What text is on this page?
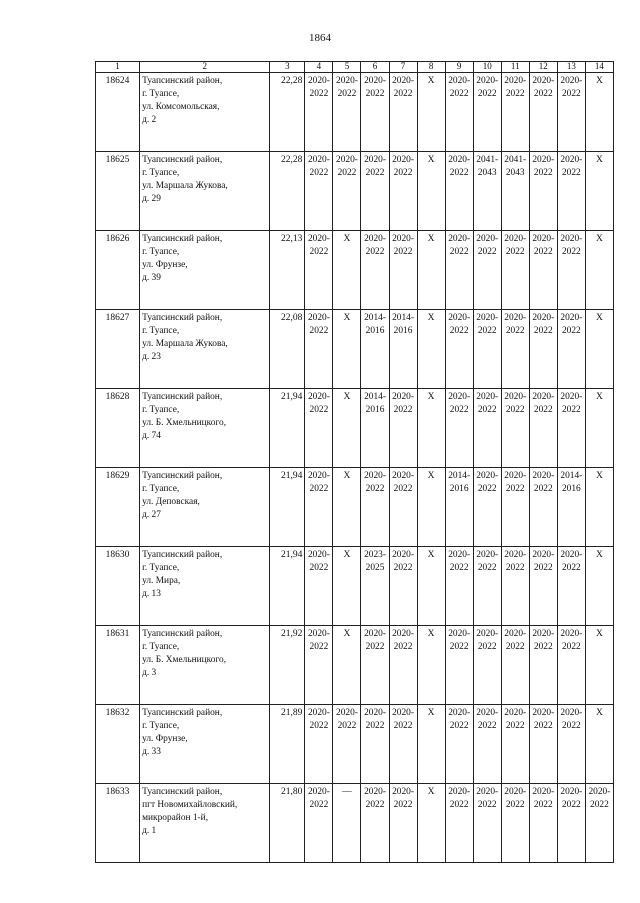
1864
1	2	3	4	5	6	7	8	9	10	11	12	13	14
18624	Туапсинский район,
г. Туапсе,
ул. Комсомольская,
д. 2	22,28	2020-
2022	2020-
2022	2020-
2022	2020-
2022	X	2020-
2022	2020-
2022	2020-
2022	2020-
2022	2020-
2022	X
18625	Туапсинский район,
г. Туапсе,
ул. Маршала Жукова,
д. 29	22,28	2020-
2022	2020-
2022	2020-
2022	2020-
2022	X	2020-
2022	2041-
2043	2041-
2043	2020-
2022	2020-
2022	X
18626	Туапсинский район,
г. Туапсе,
ул. Фрунзе,
д. 39	22,13	2020-
2022	X	2020-
2022	2020-
2022	X	2020-
2022	2020-
2022	2020-
2022	2020-
2022	2020-
2022	X
18627	Туапсинский район,
г. Туапсе,
ул. Маршала Жукова,
д. 23	22,08	2020-
2022	X	2014-
2016	2014-
2016	X	2020-
2022	2020-
2022	2020-
2022	2020-
2022	2020-
2022	X
18628	Туапсинский район,
г. Туапсе,
ул. Б. Хмельницкого,
д. 74	21,94	2020-
2022	X	2014-
2016	2020-
2022	X	2020-
2022	2020-
2022	2020-
2022	2020-
2022	2020-
2022	X
18629	Туапсинский район,
г. Туапсе,
ул. Деповская,
д. 27	21,94	2020-
2022	X	2020-
2022	2020-
2022	X	2014-
2016	2020-
2022	2020-
2022	2020-
2022	2014-
2016	X
18630	Туапсинский район,
г. Туапсе,
ул. Мира,
д. 13	21,94	2020-
2022	X	2023-
2025	2020-
2022	X	2020-
2022	2020-
2022	2020-
2022	2020-
2022	2020-
2022	X
18631	Туапсинский район,
г. Туапсе,
ул. Б. Хмельницкого,
д. 3	21,92	2020-
2022	X	2020-
2022	2020-
2022	X	2020-
2022	2020-
2022	2020-
2022	2020-
2022	2020-
2022	X
18632	Туапсинский район,
г. Туапсе,
ул. Фрунзе,
д. 33	21,89	2020-
2022	2020-
2022	2020-
2022	2020-
2022	X	2020-
2022	2020-
2022	2020-
2022	2020-
2022	2020-
2022	X
18633	Туапсинский район,
пгт Новомихайловский,
микрорайон 1-й,
д. 1	21,80	2020-
2022	—	2020-
2022	2020-
2022	X	2020-
2022	2020-
2022	2020-
2022	2020-
2022	2020-
2022	2020-
2022
